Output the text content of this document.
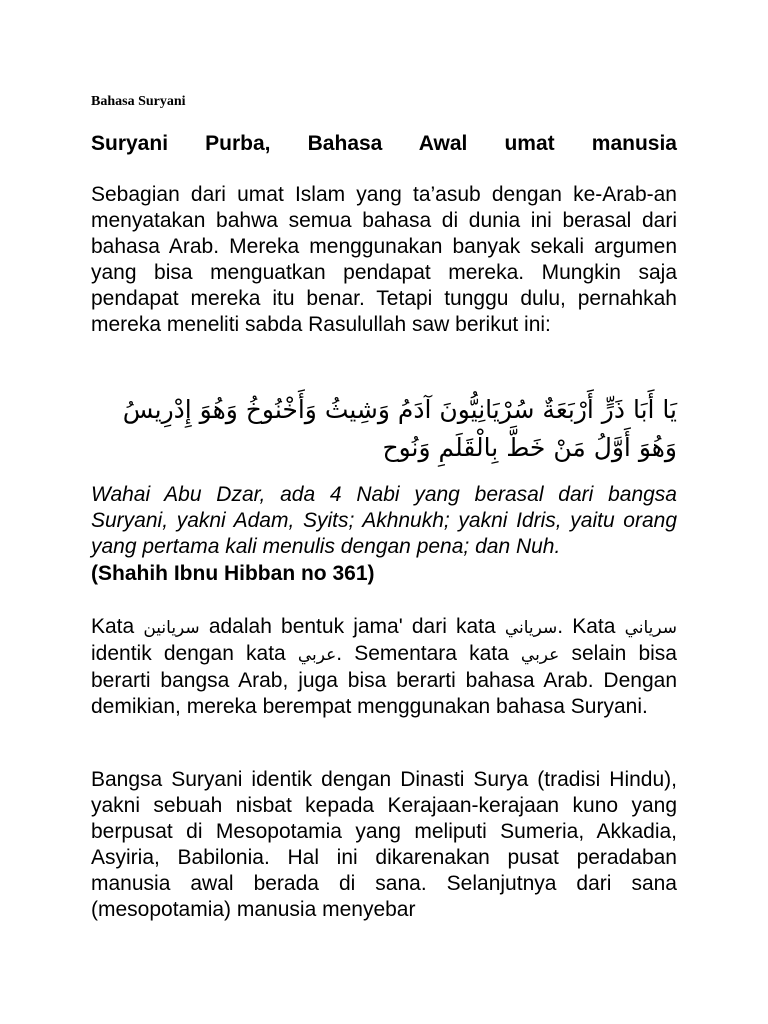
Bahasa Suryani
Suryani Purba, Bahasa Awal umat manusia

Sebagian dari umat Islam yang ta’asub dengan ke-Arab-an menyatakan bahwa semua bahasa di dunia ini berasal dari bahasa Arab. Mereka menggunakan banyak sekali argumen yang bisa menguatkan pendapat mereka. Mungkin saja pendapat mereka itu benar. Tetapi tunggu dulu, pernahkah mereka meneliti sabda Rasulullah saw berikut ini:

يَا أَبَا ذَرٍّ أَرْبَعَةٌ سُرْيَانِيُّونَ آدَمُ وَشِيثُ وَأَخْنُوخُ وَهُوَ إِدْرِيسُ وَهُوَ أَوَّلُ مَنْ خَطَّ بِالْقَلَمِ وَنُوح

Wahai Abu Dzar, ada 4 Nabi yang berasal dari bangsa Suryani, yakni Adam, Syits; Akhnukh; yakni Idris, yaitu orang yang pertama kali menulis dengan pena; dan Nuh.

(Shahih Ibnu Hibban no 361)

Kata سريانين adalah bentuk jama' dari kata سرياني. Kata سرياني identik dengan kata عربي. Sementara kata عربي selain bisa berarti bangsa Arab, juga bisa berarti bahasa Arab. Dengan demikian, mereka berempat menggunakan bahasa Suryani.

Bangsa Suryani identik dengan Dinasti Surya (tradisi Hindu), yakni sebuah nisbat kepada Kerajaan-kerajaan kuno yang berpusat di Mesopotamia yang meliputi Sumeria, Akkadia, Asyiria, Babilonia. Hal ini dikarenakan pusat peradaban manusia awal berada di sana. Selanjutnya dari sana (mesopotamia) manusia menyebar
